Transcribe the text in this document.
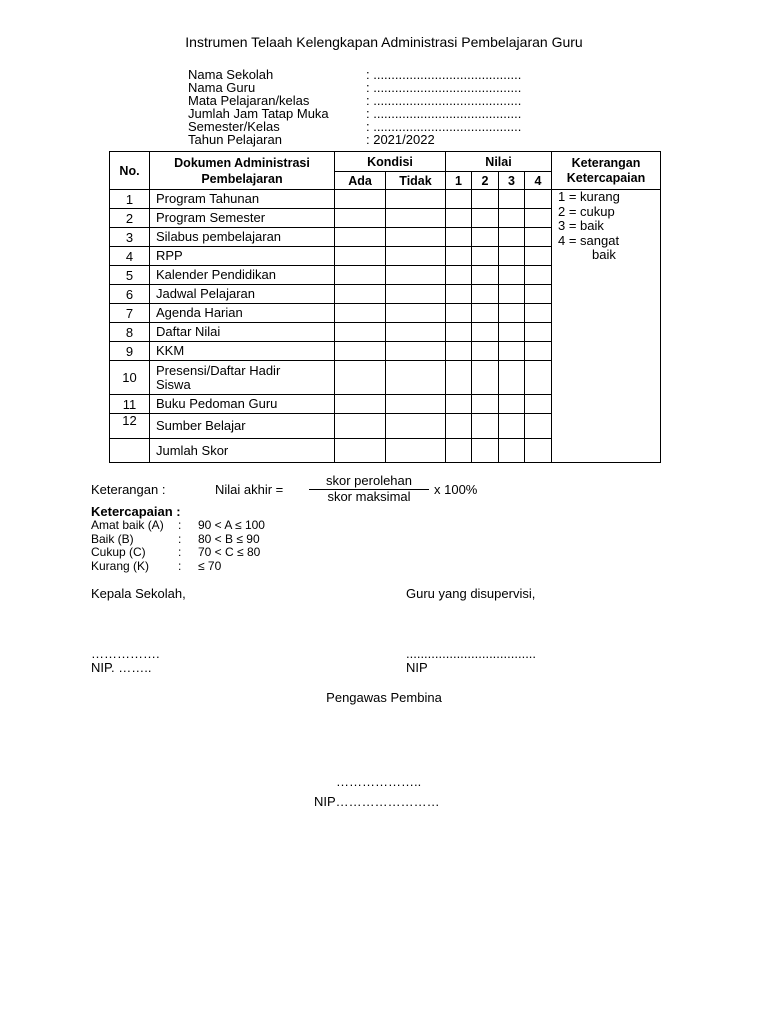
Instrumen Telaah Kelengkapan Administrasi Pembelajaran Guru
Nama Sekolah	: .........................................
Nama Guru	: .........................................
Mata Pelajaran/kelas	: .........................................
Jumlah Jam Tatap Muka	: .........................................
Semester/Kelas	: .........................................
Tahun Pelajaran	: 2021/2022
No.	Dokumen Administrasi Pembelajaran	Kondisi		Nilai				Keterangan Ketercapaian
		Ada	Tidak	1	2	3	4	
1	Program Tahunan							1 = kurang
2 = cukup
3 = baik
4 = sangat
baik

2	Program Semester							
3	Silabus pembelajaran							
4	RPP							
5	Kalender Pendidikan							
6	Jadwal Pelajaran							
7	Agenda Harian							
8	Daftar Nilai							
9	KKM							
10	Presensi/Daftar Hadir Siswa							
11	Buku Pedoman Guru							
12	Sumber Belajar							
	Jumlah Skor							
Keterangan :	Nilai akhir =
skor perolehan
skor maksimal	x 100%
Ketercapaian :
Amat baik (A) : 90 < A ≤ 100
Baik (B)	: 80 < B ≤ 90
Cukup (C)	: 70 < C ≤ 80
Kurang (K) : ≤ 70
Kepala Sekolah,	Guru yang disupervisi,
…………….	....................................
NIP. ……..	NIP
Pengawas Pembina
………………..
NIP……………………
